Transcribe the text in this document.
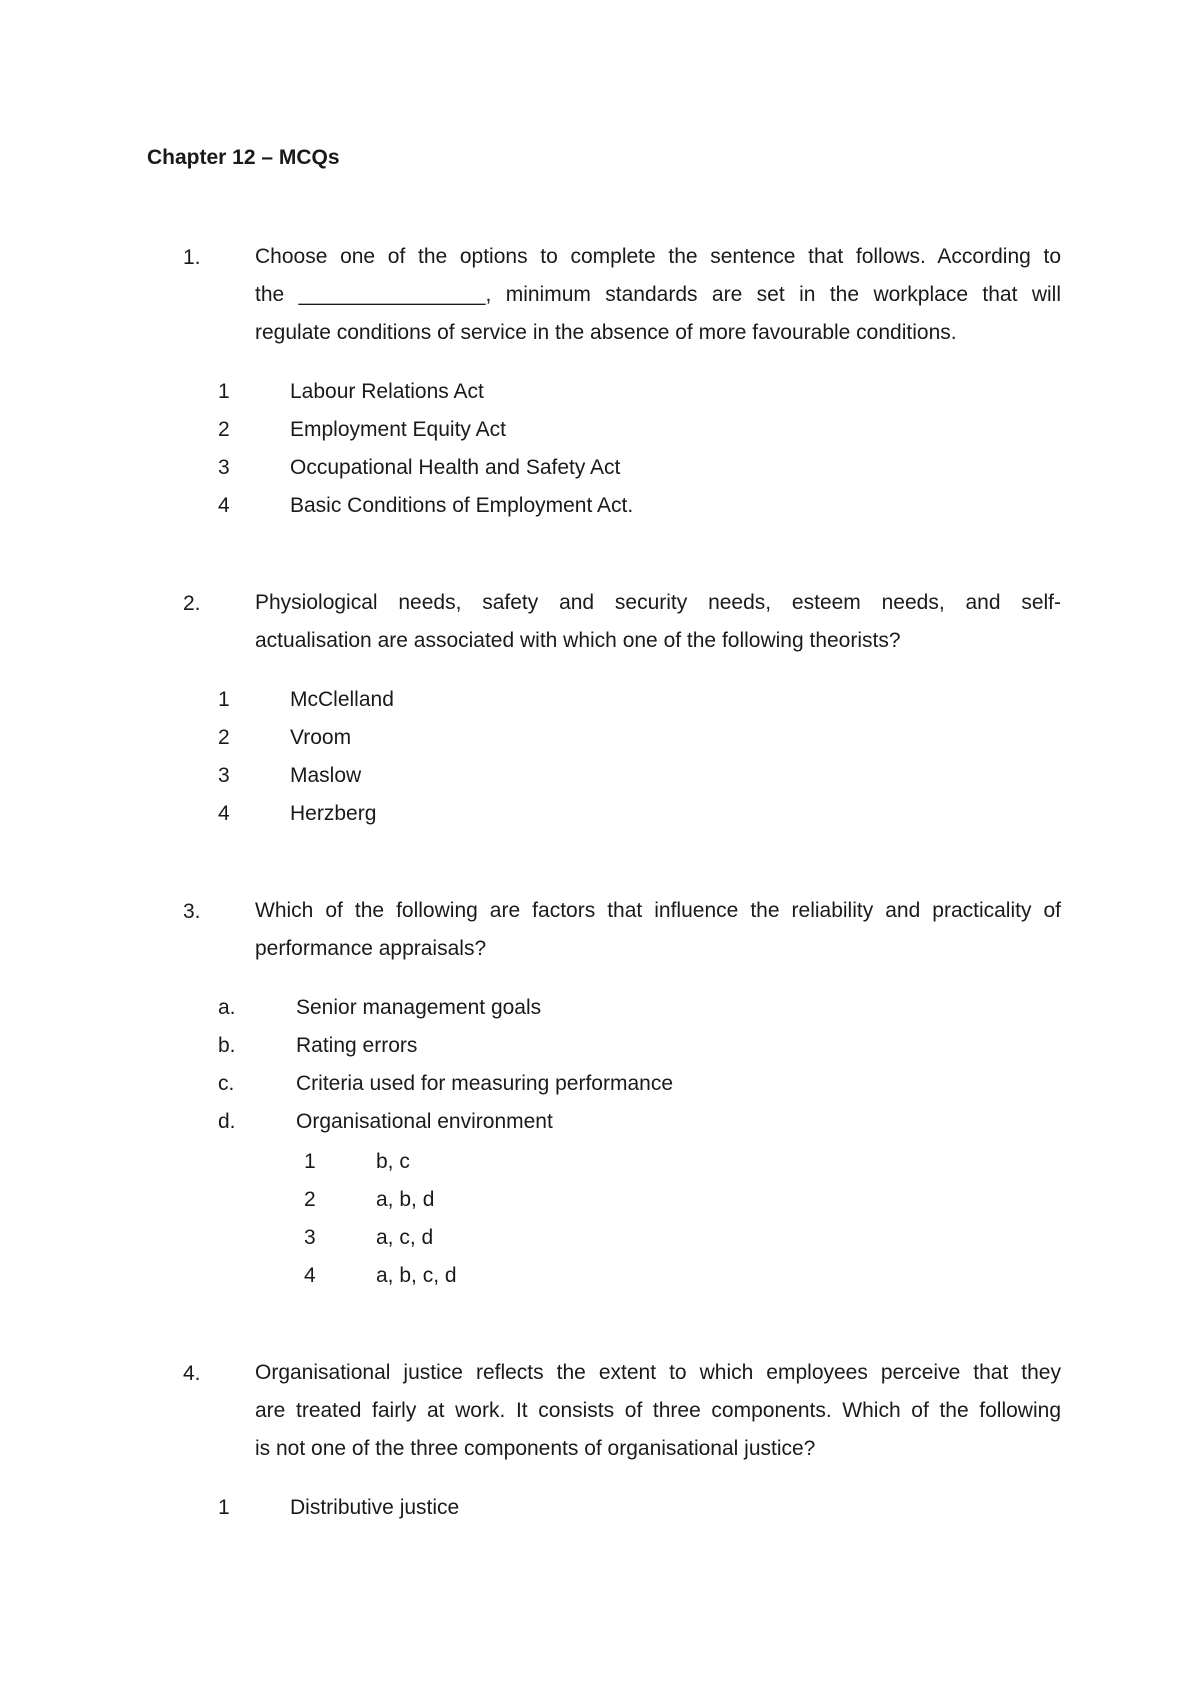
Chapter 12 – MCQs
1.	Choose one of the options to complete the sentence that follows. According to
the ________________, minimum standards are set in the workplace that will
regulate conditions of service in the absence of more favourable conditions.
1	Labour Relations Act
2	Employment Equity Act
3	Occupational Health and Safety Act
4	Basic Conditions of Employment Act.
2.	Physiological needs, safety and security needs, esteem needs, and self-
actualisation are associated with which one of the following theorists?
1	McClelland
2	Vroom
3	Maslow
4	Herzberg
3.	Which of the following are factors that influence the reliability and practicality of
performance appraisals?
a.	Senior management goals
b.	Rating errors
c.	Criteria used for measuring performance
d.	Organisational environment
1	b, c
2	a, b, d
3	a, c, d
4	a, b, c, d
4.	Organisational justice reflects the extent to which employees perceive that they
are treated fairly at work. It consists of three components. Which of the following
is not one of the three components of organisational justice?
1	Distributive justice
